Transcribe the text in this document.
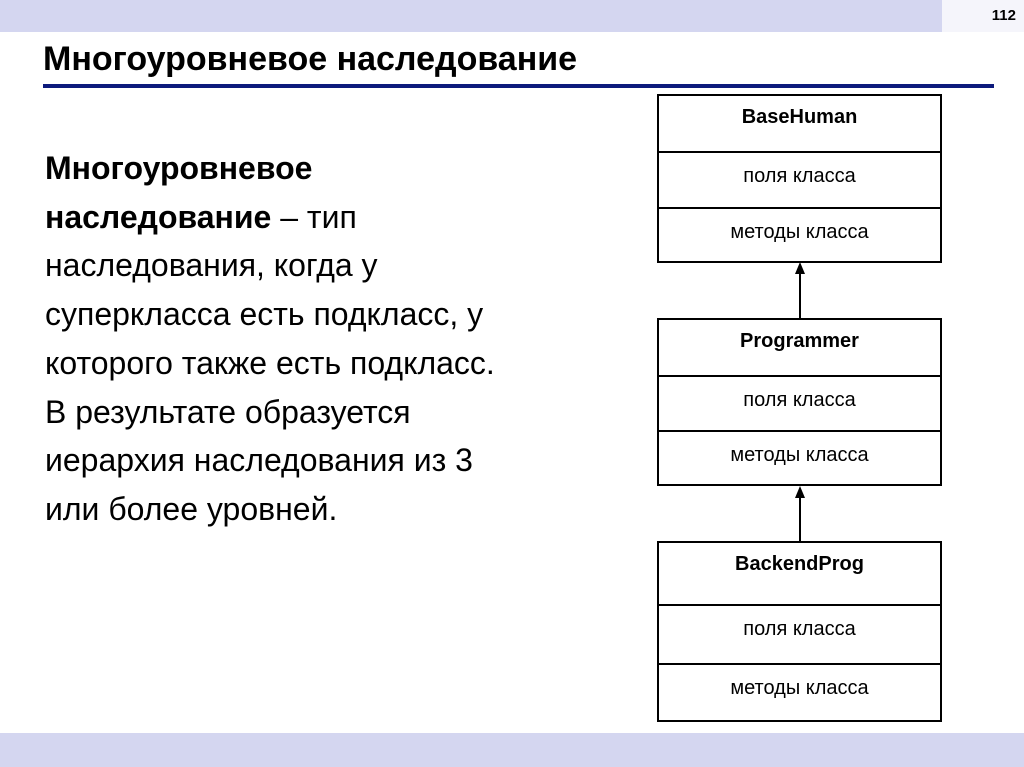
112
Многоуровневое наследование
Многоуровневое наследование – тип наследования, когда у суперкласса есть подкласс, у которого также есть подкласс. В результате образуется иерархия наследования из 3 или более уровней.
BaseHuman
поля класса
методы класса
Programmer
поля класса
методы класса
BackendProg
поля класса
методы класса
